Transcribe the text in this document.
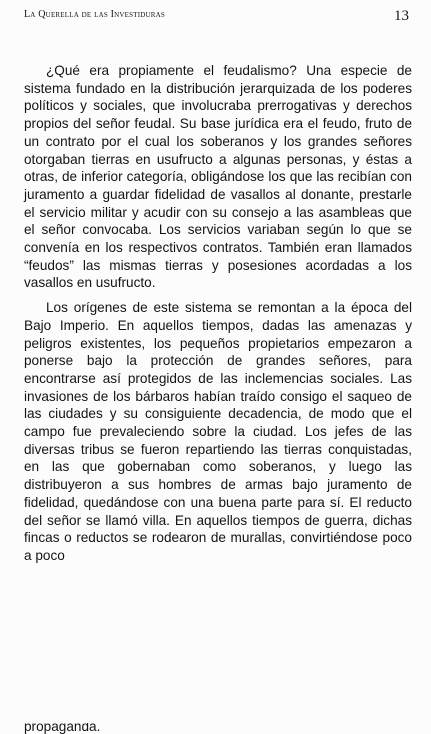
La Querella de las Investiduras	13

¿Qué era propiamente el feudalismo? Una especie de sistema fundado en la distribución jerarquizada de los poderes políticos y sociales, que involucraba prerrogativas y derechos propios del señor feudal. Su base jurídica era el feudo, fruto de un contrato por el cual los soberanos y los grandes señores otorgaban tierras en usufructo a algunas personas, y éstas a otras, de inferior categoría, obligándose los que las recibían con juramento a guardar fidelidad de vasallos al donante, prestarle el servicio militar y acudir con su consejo a las asambleas que el señor convocaba. Los servicios variaban según lo que se convenía en los respectivos contratos. También eran llamados “feudos” las mismas tierras y posesiones acordadas a los vasallos en usufructo.

Los orígenes de este sistema se remontan a la época del Bajo Imperio. En aquellos tiempos, dadas las amenazas y peligros existentes, los pequeños propietarios empezaron a ponerse bajo la protección de grandes señores, para encontrarse así protegidos de las inclemencias sociales. Las invasiones de los bárbaros habían traído consigo el saqueo de las ciudades y su consiguiente decadencia, de modo que el campo fue prevaleciendo sobre la ciudad. Los jefes de las diversas tribus se fueron repartiendo las tierras conquistadas, en las que gobernaban como soberanos, y luego las distribuyeron a sus hombres de armas bajo juramento de fidelidad, quedándose con una buena parte para sí. El reducto del señor se llamó villa. En aquellos tiempos de guerra, dichas fincas o reductos se rodearon de murallas, convirtiéndose poco a poco

propaganda.
